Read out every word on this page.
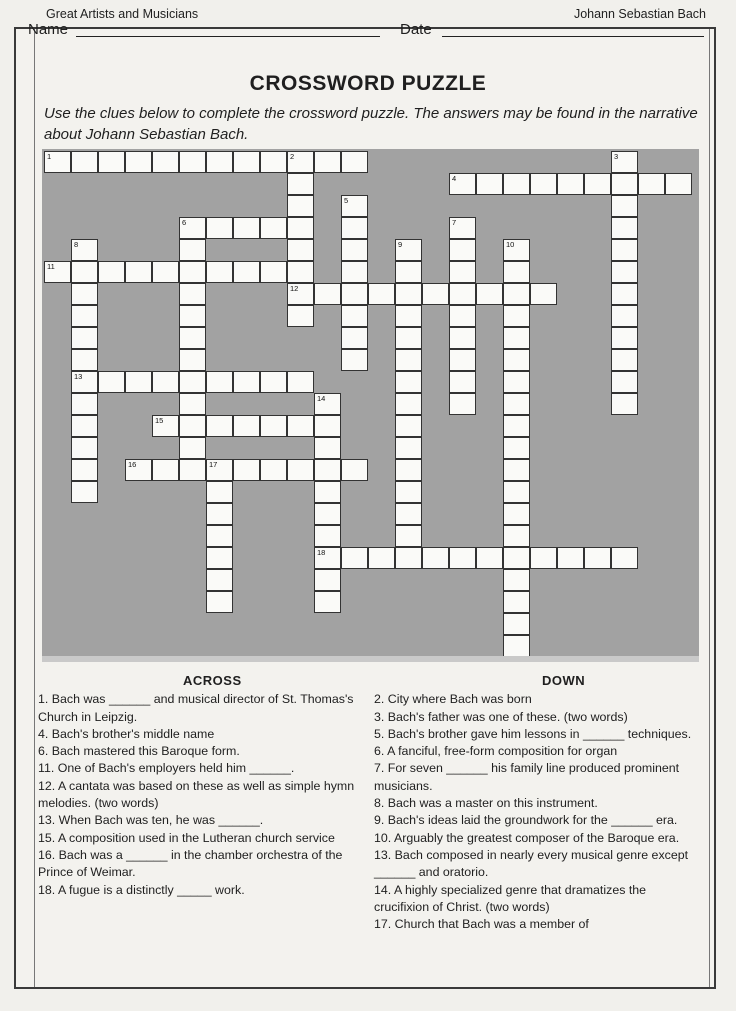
Great Artists and Musicians	Johann Sebastian Bach
Name	Date
CROSSWORD PUZZLE
Use the clues below to complete the crossword puzzle. The answers may be found in the narrative about Johann Sebastian Bach.
1	2	3
4
5
6	7
8	9	10
11
12
13
14
15
16	17
18
ACROSS
1. Bach was ______ and musical director of St. Thomas's Church in Leipzig.
4. Bach's brother's middle name
6. Bach mastered this Baroque form.
11. One of Bach's employers held him ______.
12. A cantata was based on these as well as simple hymn melodies. (two words)
13. When Bach was ten, he was ______.
15. A composition used in the Lutheran church service
16. Bach was a ______ in the chamber orchestra of the Prince of Weimar.
18. A fugue is a distinctly _____ work.
DOWN
2. City where Bach was born
3. Bach's father was one of these. (two words)
5. Bach's brother gave him lessons in ______ techniques.
6. A fanciful, free-form composition for organ
7. For seven ______ his family line produced prominent musicians.
8. Bach was a master on this instrument.
9. Bach's ideas laid the groundwork for the ______ era.
10. Arguably the greatest composer of the Baroque era.
13. Bach composed in nearly every musical genre except ______ and oratorio.
14. A highly specialized genre that dramatizes the crucifixion of Christ. (two words)
17. Church that Bach was a member of
